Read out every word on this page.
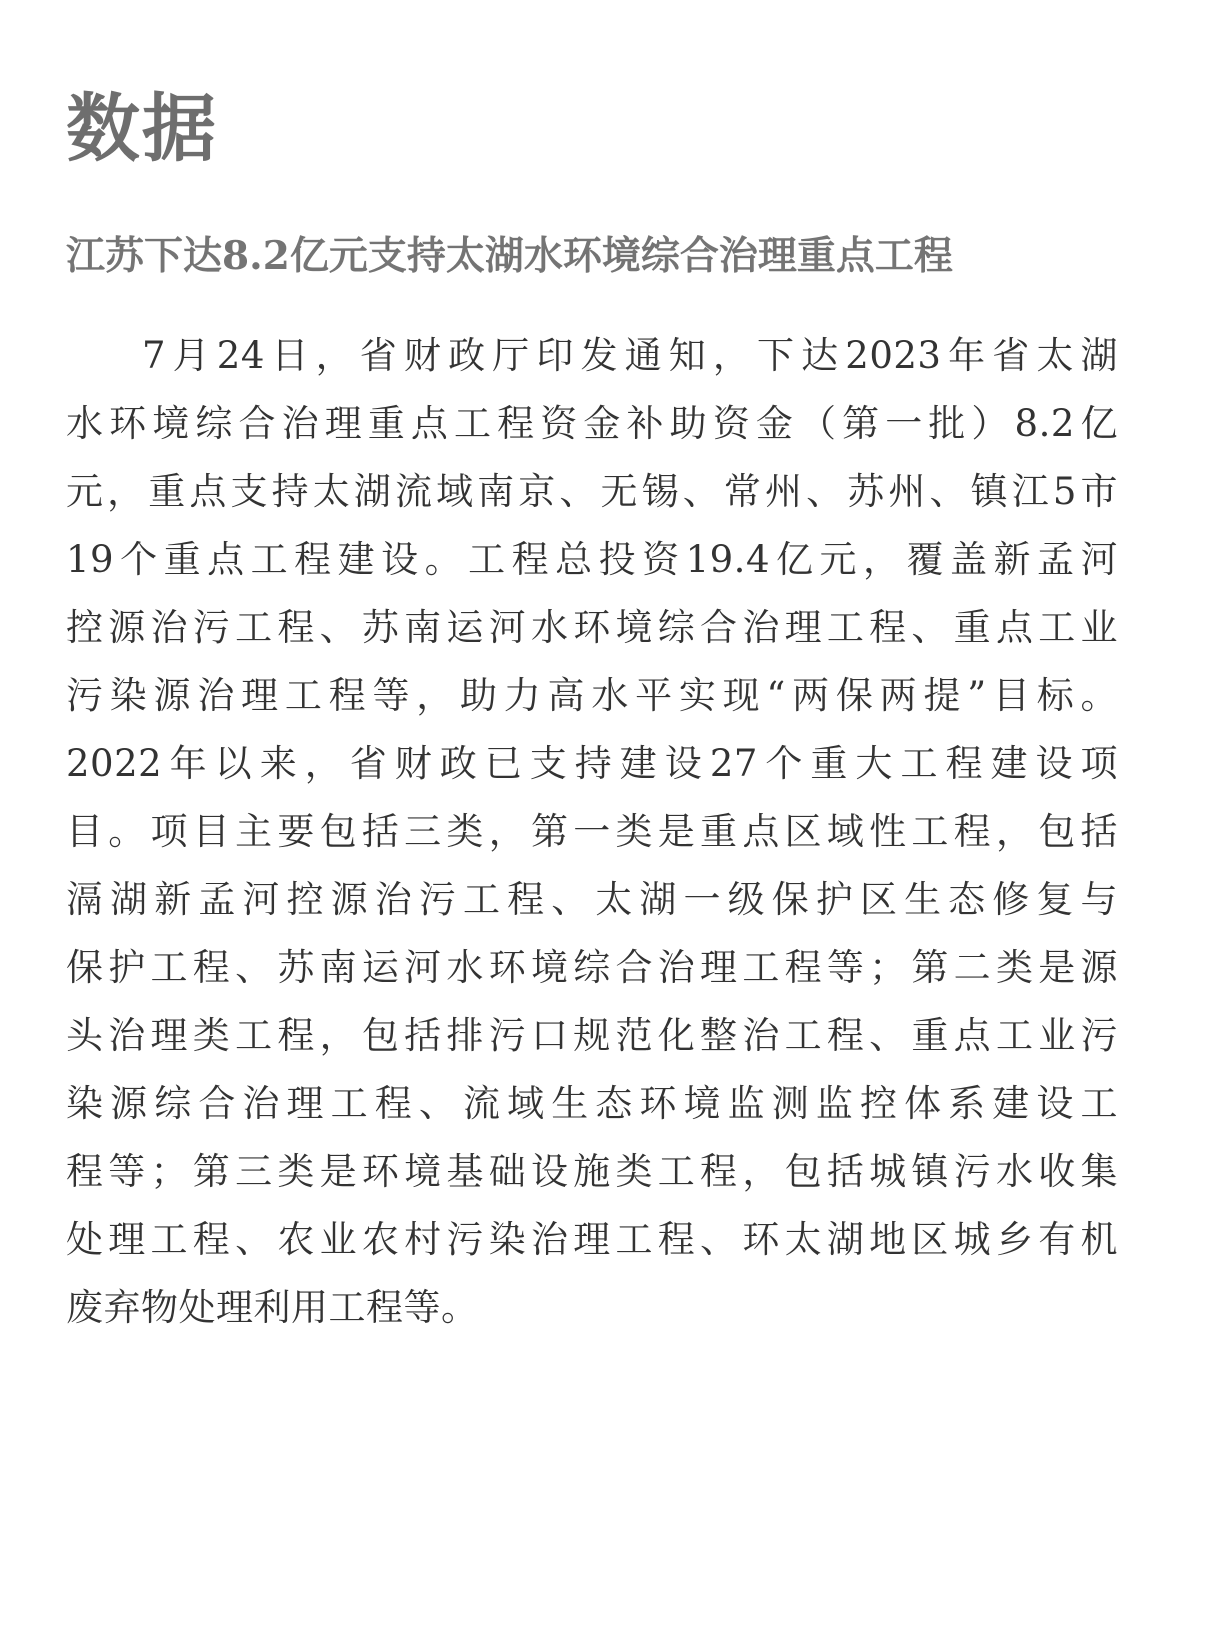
数据
江苏下达8.2亿元支持太湖水环境综合治理重点工程
7月24日，省财政厅印发通知，下达2023年省太湖
水环境综合治理重点工程资金补助资金（第一批）8.2亿
元，重点支持太湖流域南京、无锡、常州、苏州、镇江5市
19个重点工程建设。工程总投资19.4亿元，覆盖新孟河
控源治污工程、苏南运河水环境综合治理工程、重点工业
污染源治理工程等，助力高水平实现“两保两提”目标。
2022年以来，省财政已支持建设27个重大工程建设项
目。项目主要包括三类，第一类是重点区域性工程，包括
滆湖新孟河控源治污工程、太湖一级保护区生态修复与
保护工程、苏南运河水环境综合治理工程等；第二类是源
头治理类工程，包括排污口规范化整治工程、重点工业污
染源综合治理工程、流域生态环境监测监控体系建设工
程等；第三类是环境基础设施类工程，包括城镇污水收集
处理工程、农业农村污染治理工程、环太湖地区城乡有机
废弃物处理利用工程等。
